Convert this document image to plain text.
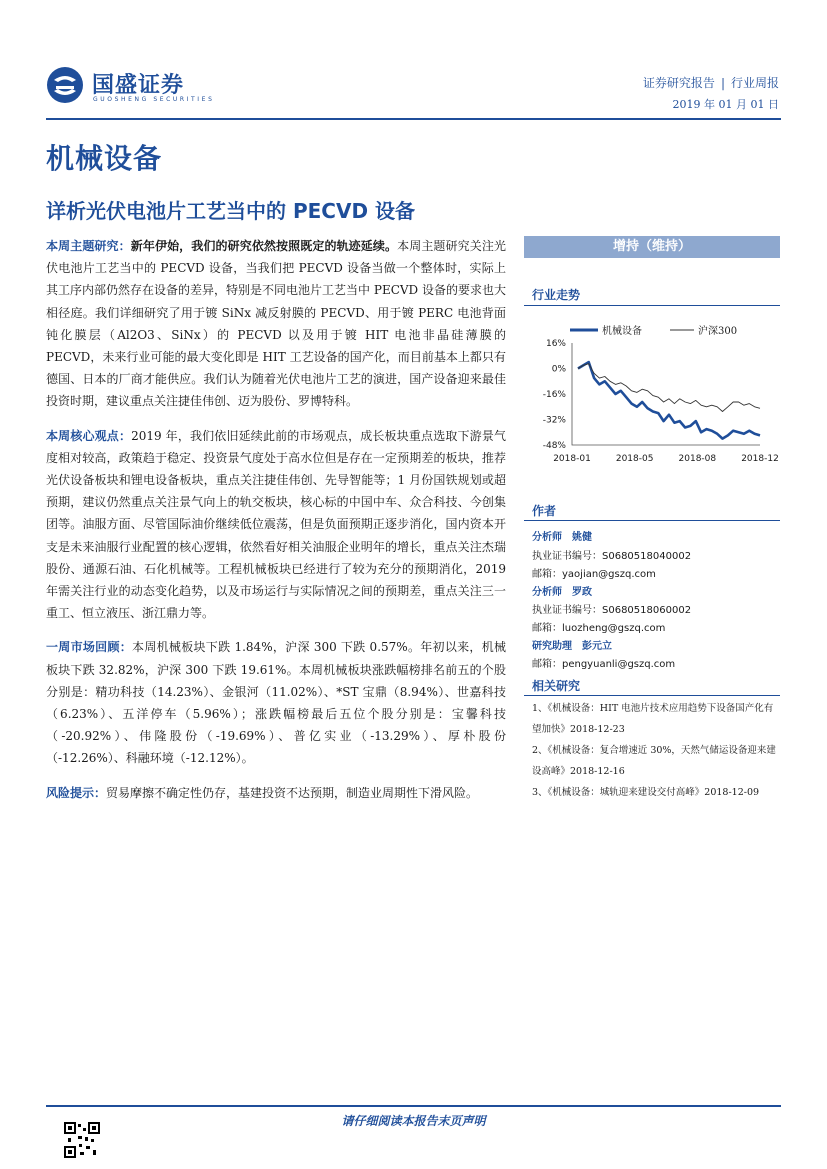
国盛证券
GUOSHENG SECURITIES
证券研究报告 | 行业周报
2019 年 01 月 01 日
机械设备
详析光伏电池片工艺当中的 PECVD 设备

本周主题研究：新年伊始，我们的研究依然按照既定的轨迹延续。本周主题研究关注光伏电池片工艺当中的 PECVD 设备，当我们把 PECVD 设备当做一个整体时，实际上其工序内部仍然存在设备的差异，特别是不同电池片工艺当中 PECVD 设备的要求也大相径庭。我们详细研究了用于镀 SiNx 减反射膜的 PECVD、用于镀 PERC 电池背面钝化膜层（Al2O3、SiNx）的 PECVD 以及用于镀 HIT 电池非晶硅薄膜的 PECVD，未来行业可能的最大变化即是 HIT 工艺设备的国产化，而目前基本上都只有德国、日本的厂商才能供应。我们认为随着光伏电池片工艺的演进，国产设备迎来最佳投资时期，建议重点关注捷佳伟创、迈为股份、罗博特科。

本周核心观点：2019 年，我们依旧延续此前的市场观点，成长板块重点选取下游景气度相对较高，政策趋于稳定、投资景气度处于高水位但是存在一定预期差的板块，推荐光伏设备板块和锂电设备板块，重点关注捷佳伟创、先导智能等；1 月份国铁规划或超预期，建议仍然重点关注景气向上的轨交板块，核心标的中国中车、众合科技、今创集团等。油服方面、尽管国际油价继续低位震荡，但是负面预期正逐步消化，国内资本开支是未来油服行业配置的核心逻辑，依然看好相关油服企业明年的增长，重点关注杰瑞股份、通源石油、石化机械等。工程机械板块已经进行了较为充分的预期消化，2019 年需关注行业的动态变化趋势，以及市场运行与实际情况之间的预期差，重点关注三一重工、恒立液压、浙江鼎力等。

一周市场回顾：本周机械板块下跌 1.84%，沪深 300 下跌 0.57%。年初以来，机械板块下跌 32.82%，沪深 300 下跌 19.61%。本周机械板块涨跌幅榜排名前五的个股分别是：精功科技（14.23%）、金银河（11.02%）、*ST 宝鼎（8.94%）、世嘉科技（6.23%）、五洋停车（5.96%）；涨跌幅榜最后五位个股分别是：宝馨科技（-20.92%）、伟隆股份（-19.69%）、普亿实业（-13.29%）、厚朴股份（-12.26%）、科融环境（-12.12%）。

风险提示：贸易摩擦不确定性仍存，基建投资不达预期，制造业周期性下滑风险。

增持（维持）
行业走势
机械设备	沪深300
16%
0%
-16%
-32%
-48%
2018-01	2018-05	2018-08	2018-12
作者
分析师 姚健
执业证书编号：S0680518040002
邮箱：yaojian@gszq.com
分析师 罗政
执业证书编号：S0680518060002
邮箱：luozheng@gszq.com
研究助理 彭元立
邮箱：pengyuanli@gszq.com
相关研究
1、《机械设备：HIT 电池片技术应用趋势下设备国产化有望加快》2018-12-23
2、《机械设备：复合增速近 30%，天然气储运设备迎来建设高峰》2018-12-16
3、《机械设备：城轨迎来建设交付高峰》2018-12-09
请仔细阅读本报告末页声明
